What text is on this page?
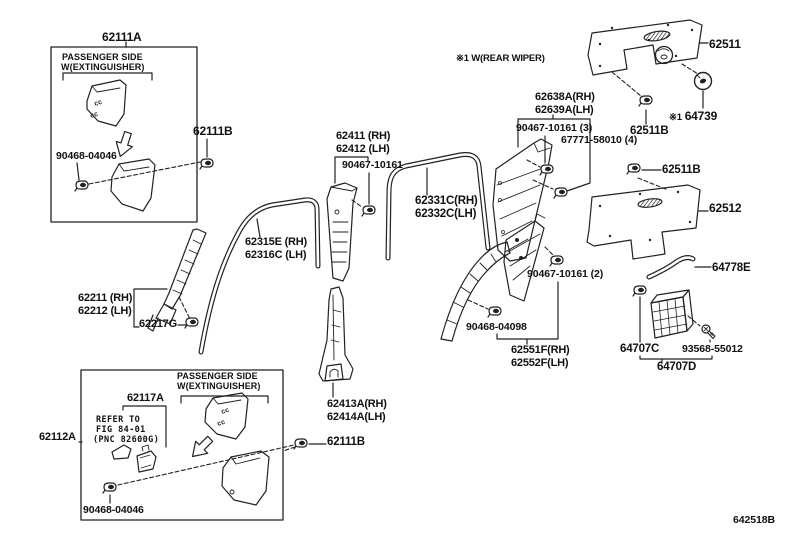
cc
cc
cc
cc
62111A
PASSENGER SIDE
W(EXTINGUISHER)
90468-04046
62111B	62411 (RH)
62412 (LH)
90467-10161
62331C(RH)
62332C(LH)
62315E (RH)
62316C (LH)
62211 (RH)
62212 (LH)
62217G
62638A(RH)
62639A(LH)
90467-10161 (3)
67771-58010 (4)
※1 W(REAR WIPER)
62511
62511B
※1 64739
62511B
62512
64778E
90467-10161 (2)
90468-04098
62551F(RH)
62552F(LH)
64707C 93568-55012
64707D
62413A(RH)
62414A(LH)
62111B
PASSENGER SIDE
W(EXTINGUISHER)
62117A
REFER TO
FIG 84-01
(PNC 82600G)
90468-04046
62112A
642518B
